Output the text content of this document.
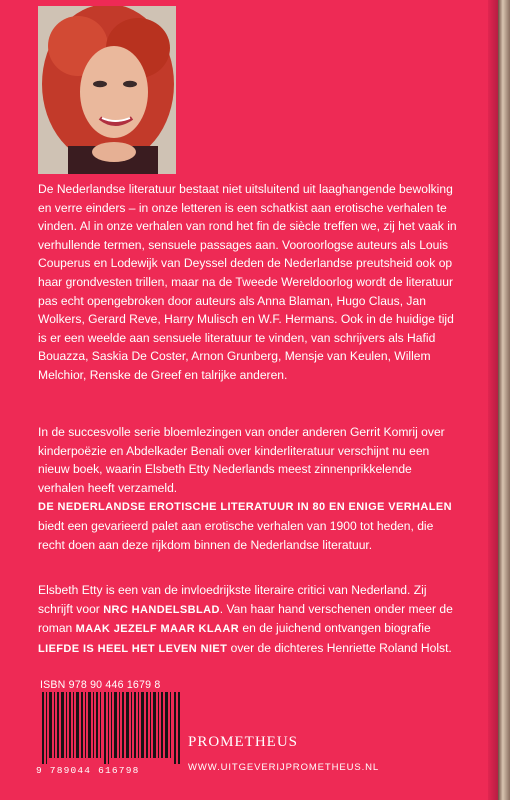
De Nederlandse literatuur bestaat niet uitsluitend uit laaghangende bewolking en verre einders – in onze letteren is een schatkist aan erotische verhalen te vinden. Al in onze verhalen van rond het fin de siècle treffen we, zij het vaak in verhullende termen, sensuele passages aan. Vooroorlogse auteurs als Louis Couperus en Lodewijk van Deyssel deden de Nederlandse preutsheid ook op haar grondvesten trillen, maar na de Tweede Wereldoorlog wordt de literatuur pas echt opengebroken door auteurs als Anna Blaman, Hugo Claus, Jan Wolkers, Gerard Reve, Harry Mulisch en W.F. Hermans. Ook in de huidige tijd is er een weelde aan sensuele literatuur te vinden, van schrijvers als Hafid Bouazza, Saskia De Coster, Arnon Grunberg, Mensje van Keulen, Willem Melchior, Renske de Greef en talrijke anderen.
In de succesvolle serie bloemlezingen van onder anderen Gerrit Komrij over kinderpoëzie en Abdelkader Benali over kinderliteratuur verschijnt nu een nieuw boek, waarin Elsbeth Etty Nederlands meest zinnenprikkelende verhalen heeft verzameld.
DE NEDERLANDSE EROTISCHE LITERATUUR IN 80 EN ENIGE VERHALEN
biedt een gevarieerd palet aan erotische verhalen van 1900 tot heden, die recht doen aan deze rijkdom binnen de Nederlandse literatuur.
Elsbeth Etty is een van de invloedrijkste literaire critici van Nederland. Zij schrijft voor NRC HANDELSBLAD. Van haar hand verschenen onder meer de roman MAAK JEZELF MAAR KLAAR en de juichend ontvangen biografie LIEFDE IS HEEL HET LEVEN NIET over de dichteres Henriette Roland Holst.
ISBN 978 90 446 1679 8
9 789044 616798
PROMETHEUS
WWW.UITGEVERIJPROMETHEUS.NL
